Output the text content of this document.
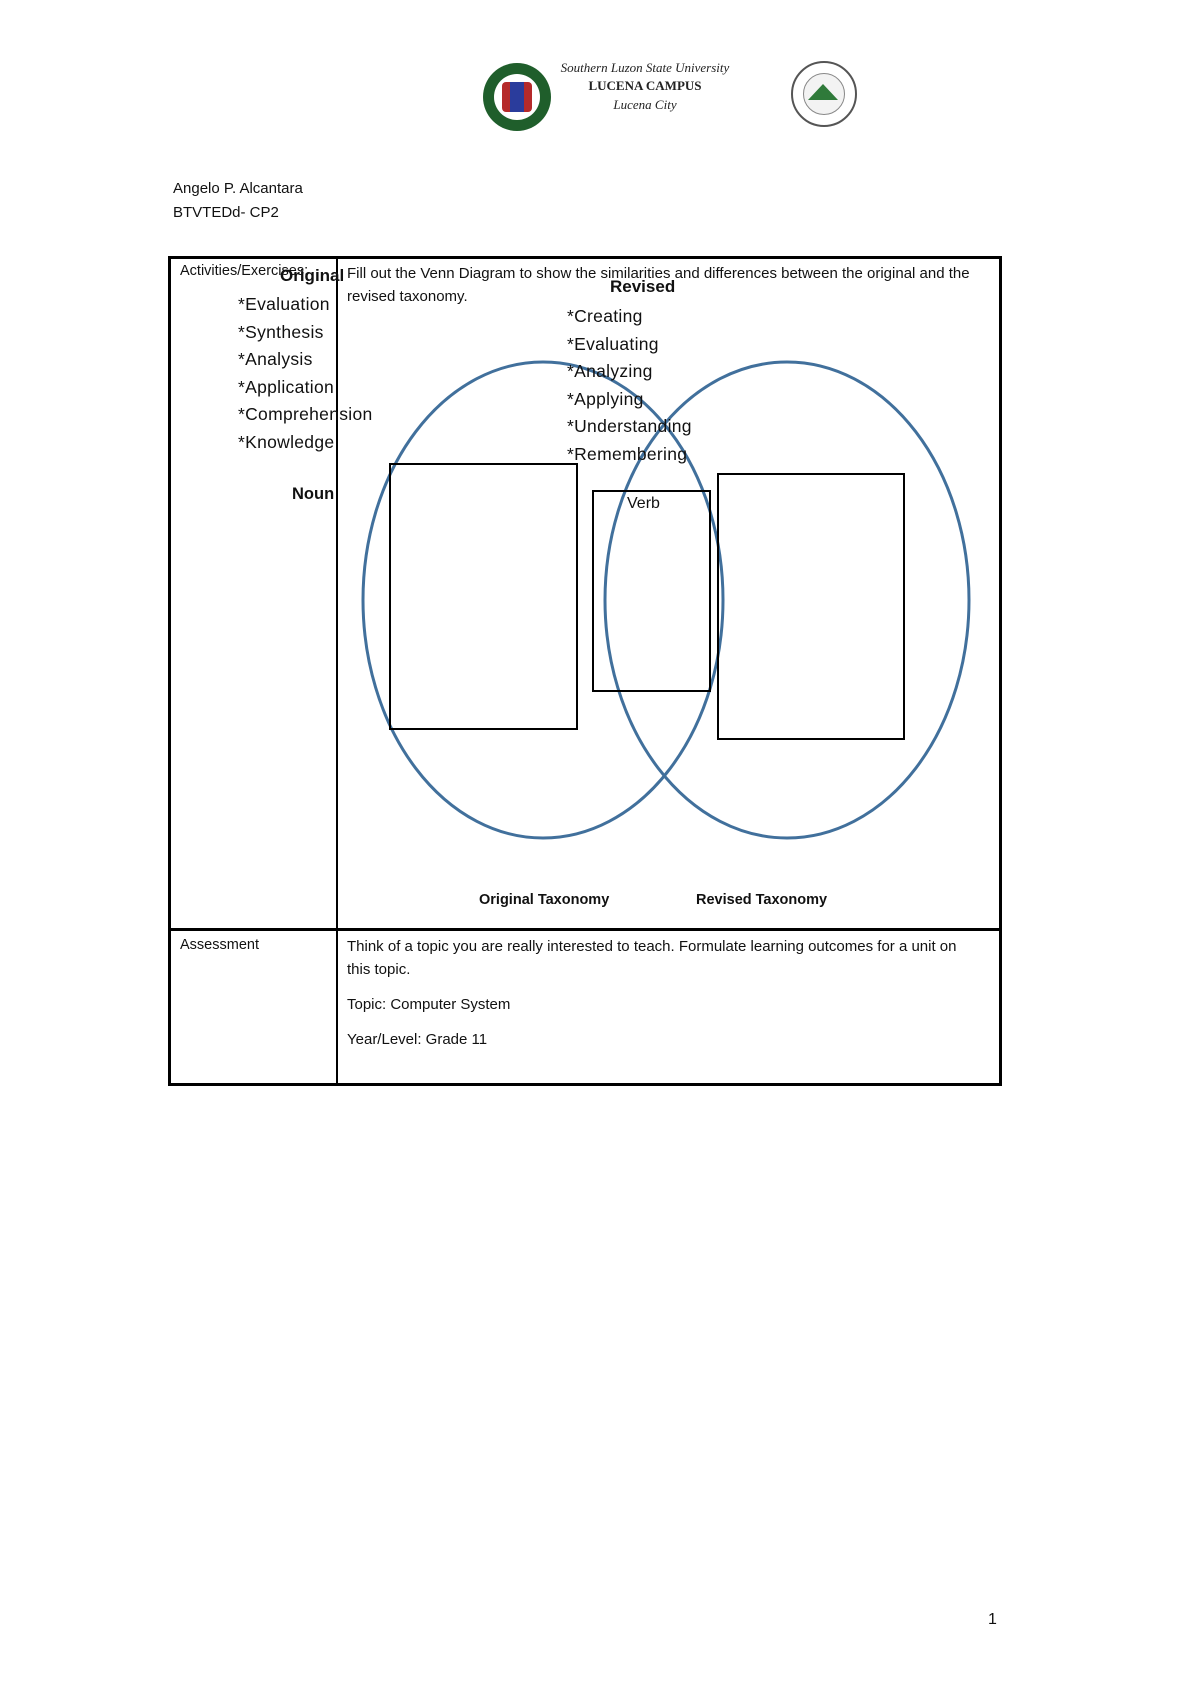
Southern Luzon State University
LUCENA CAMPUS
Lucena City
Angelo P. Alcantara
BTVTEDd- CP2
Activities/Exercises:	Fill out the Venn Diagram to show the similarities and differences between the original and the revised taxonomy.
Original
*Evaluation
*Synthesis
*Analysis
*Application
*Comprehension
*Knowledge
Revised
*Creating
*Evaluating
*Analyzing
*Applying
*Understanding
*Remembering
Noun
Verb
Original Taxonomy	Revised Taxonomy
Assessment	Think of a topic you are really interested to teach. Formulate learning outcomes for a unit on this topic.
Topic: Computer System
Year/Level: Grade 11
1
